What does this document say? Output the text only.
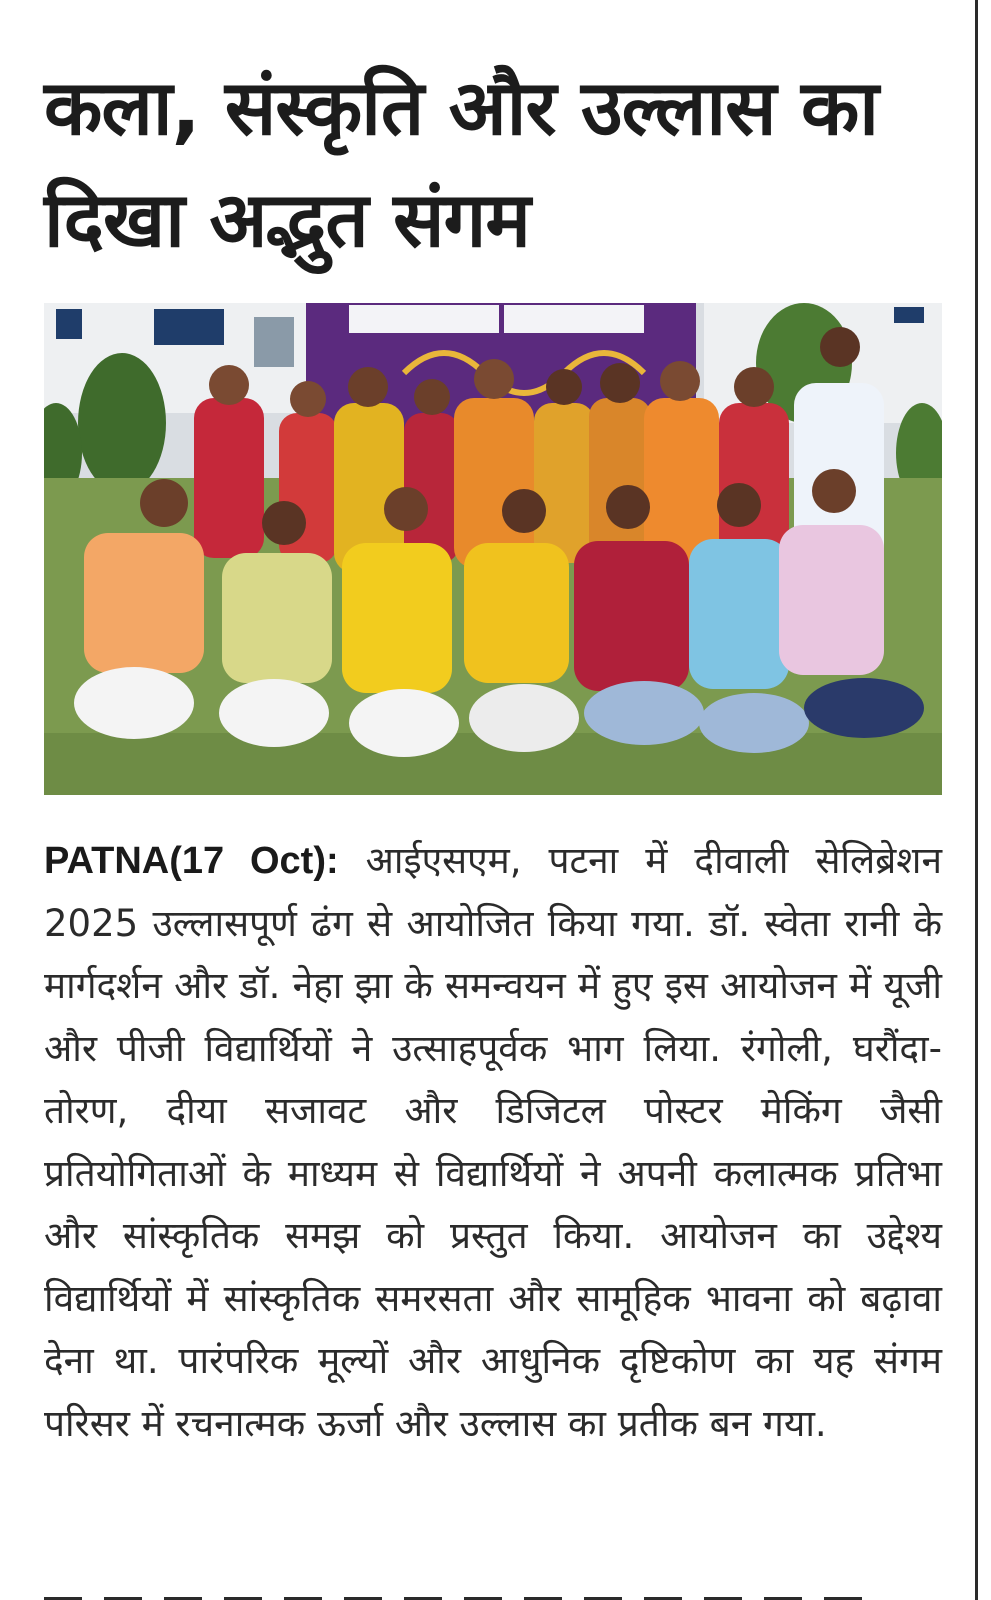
कला, संस्कृति और उल्लास का
दिखा अद्भुत संगम

PATNA(17 Oct): आईएसएम, पटना में दीवाली सेलिब्रेशन 2025 उल्लासपूर्ण ढंग से आयोजित किया गया. डॉ. स्वेता रानी के मार्गदर्शन और डॉ. नेहा झा के समन्वयन में हुए इस आयोजन में यूजी और पीजी विद्यार्थियों ने उत्साहपूर्वक भाग लिया. रंगोली, घरौंदा-तोरण, दीया सजावट और डिजिटल पोस्टर मेकिंग जैसी प्रतियोगिताओं के माध्यम से विद्यार्थियों ने अपनी कलात्मक प्रतिभा और सांस्कृतिक समझ को प्रस्तुत किया. आयोजन का उद्देश्य विद्यार्थियों में सांस्कृतिक समरसता और सामूहिक भावना को बढ़ावा देना था. पारंपरिक मूल्यों और आधुनिक दृष्टिकोण का यह संगम परिसर में रचनात्मक ऊर्जा और उल्लास का प्रतीक बन गया.
